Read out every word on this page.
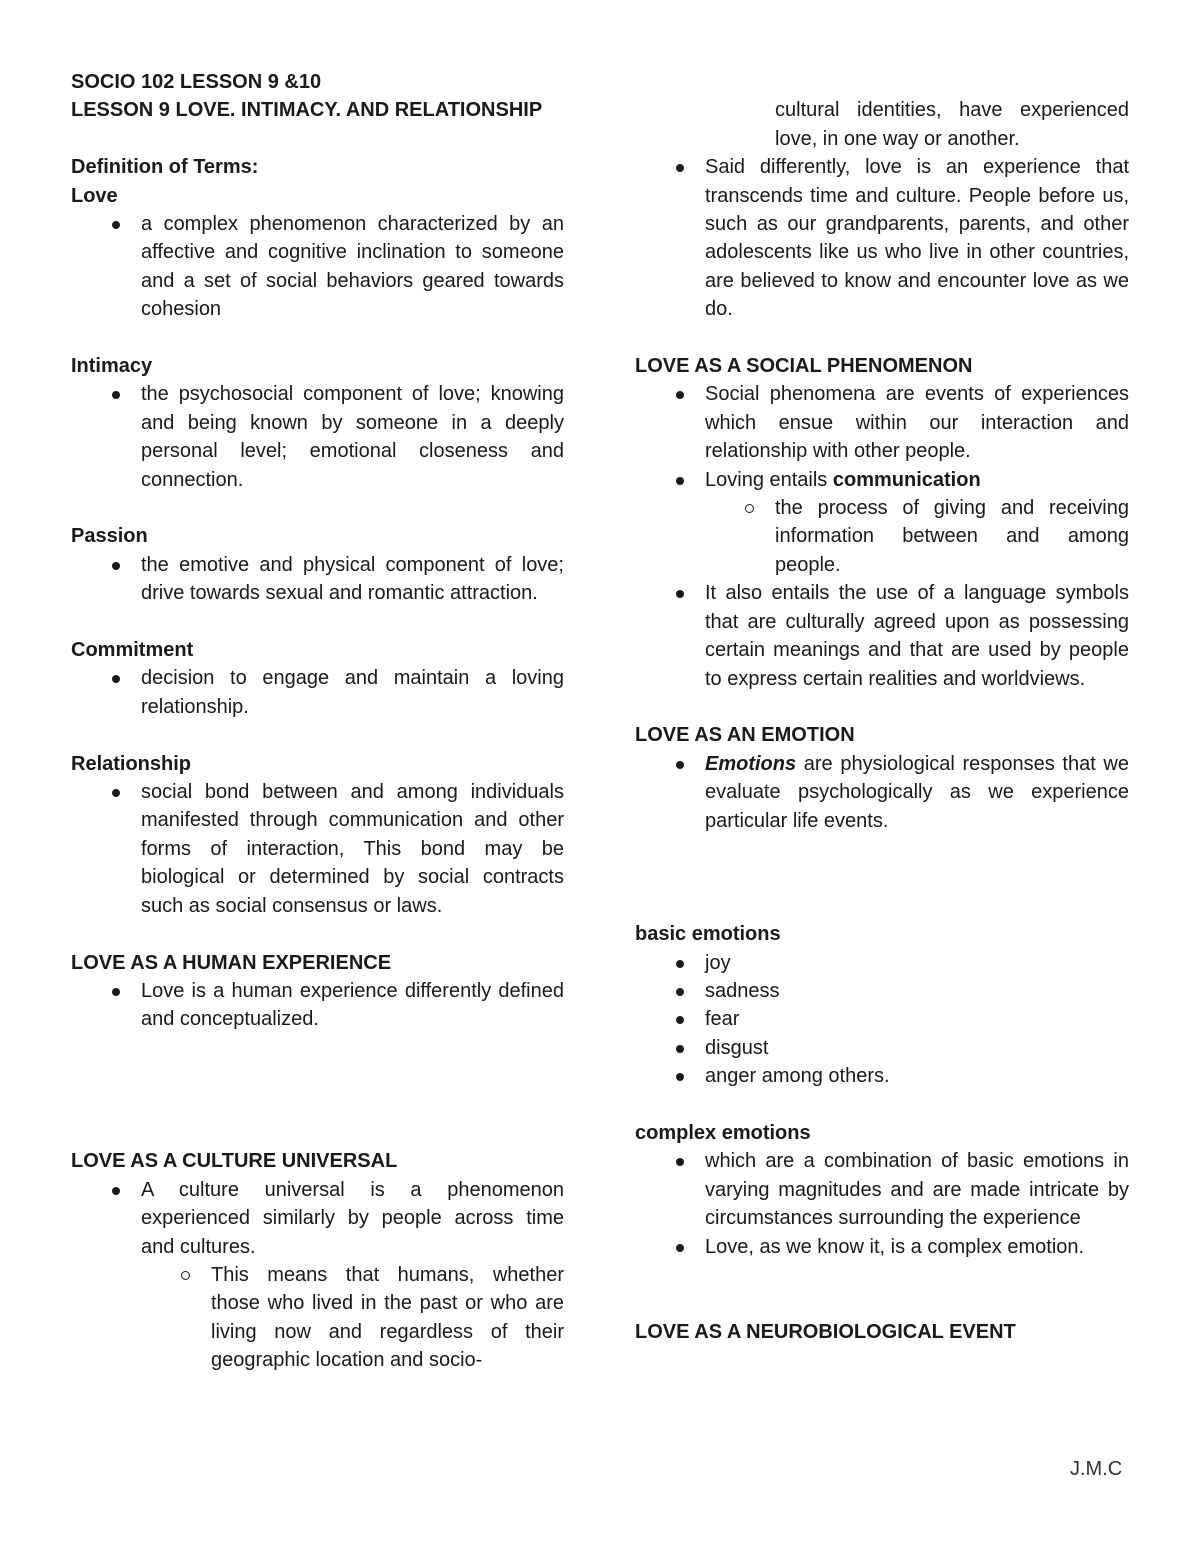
SOCIO 102 LESSON 9 &10

LESSON 9 LOVE. INTIMACY. AND RELATIONSHIP

Definition of Terms:

Love

a complex phenomenon characterized by an affective and cognitive inclination to someone and a set of social behaviors geared towards cohesion

Intimacy

the psychosocial component of love; knowing and being known by someone in a deeply personal level; emotional closeness and connection.

Passion

the emotive and physical component of love; drive towards sexual and romantic attraction.

Commitment

decision to engage and maintain a loving relationship.

Relationship

social bond between and among individuals manifested through communication and other forms of interaction, This bond may be biological or determined by social contracts such as social consensus or laws.

LOVE AS A HUMAN EXPERIENCE

Love is a human experience differently defined and conceptualized.

LOVE AS A CULTURE UNIVERSAL

A culture universal is a phenomenon experienced similarly by people across time and cultures.

This means that humans, whether those who lived in the past or who are living now and regardless of their geographic location and socio-

cultural identities, have experienced love, in one way or another.

Said differently, love is an experience that transcends time and culture. People before us, such as our grandparents, parents, and other adolescents like us who live in other countries, are believed to know and encounter love as we do.

LOVE AS A SOCIAL PHENOMENON

Social phenomena are events of experiences which ensue within our interaction and relationship with other people.

Loving entails communication

the process of giving and receiving information between and among people.

It also entails the use of a language symbols that are culturally agreed upon as possessing certain meanings and that are used by people to express certain realities and worldviews.

LOVE AS AN EMOTION

Emotions are physiological responses that we evaluate psychologically as we experience particular life events.

basic emotions

joy

sadness

fear

disgust

anger among others.

complex emotions

which are a combination of basic emotions in varying magnitudes and are made intricate by circumstances surrounding the experience

Love, as we know it, is a complex emotion.

LOVE AS A NEUROBIOLOGICAL EVENT

J.M.C
